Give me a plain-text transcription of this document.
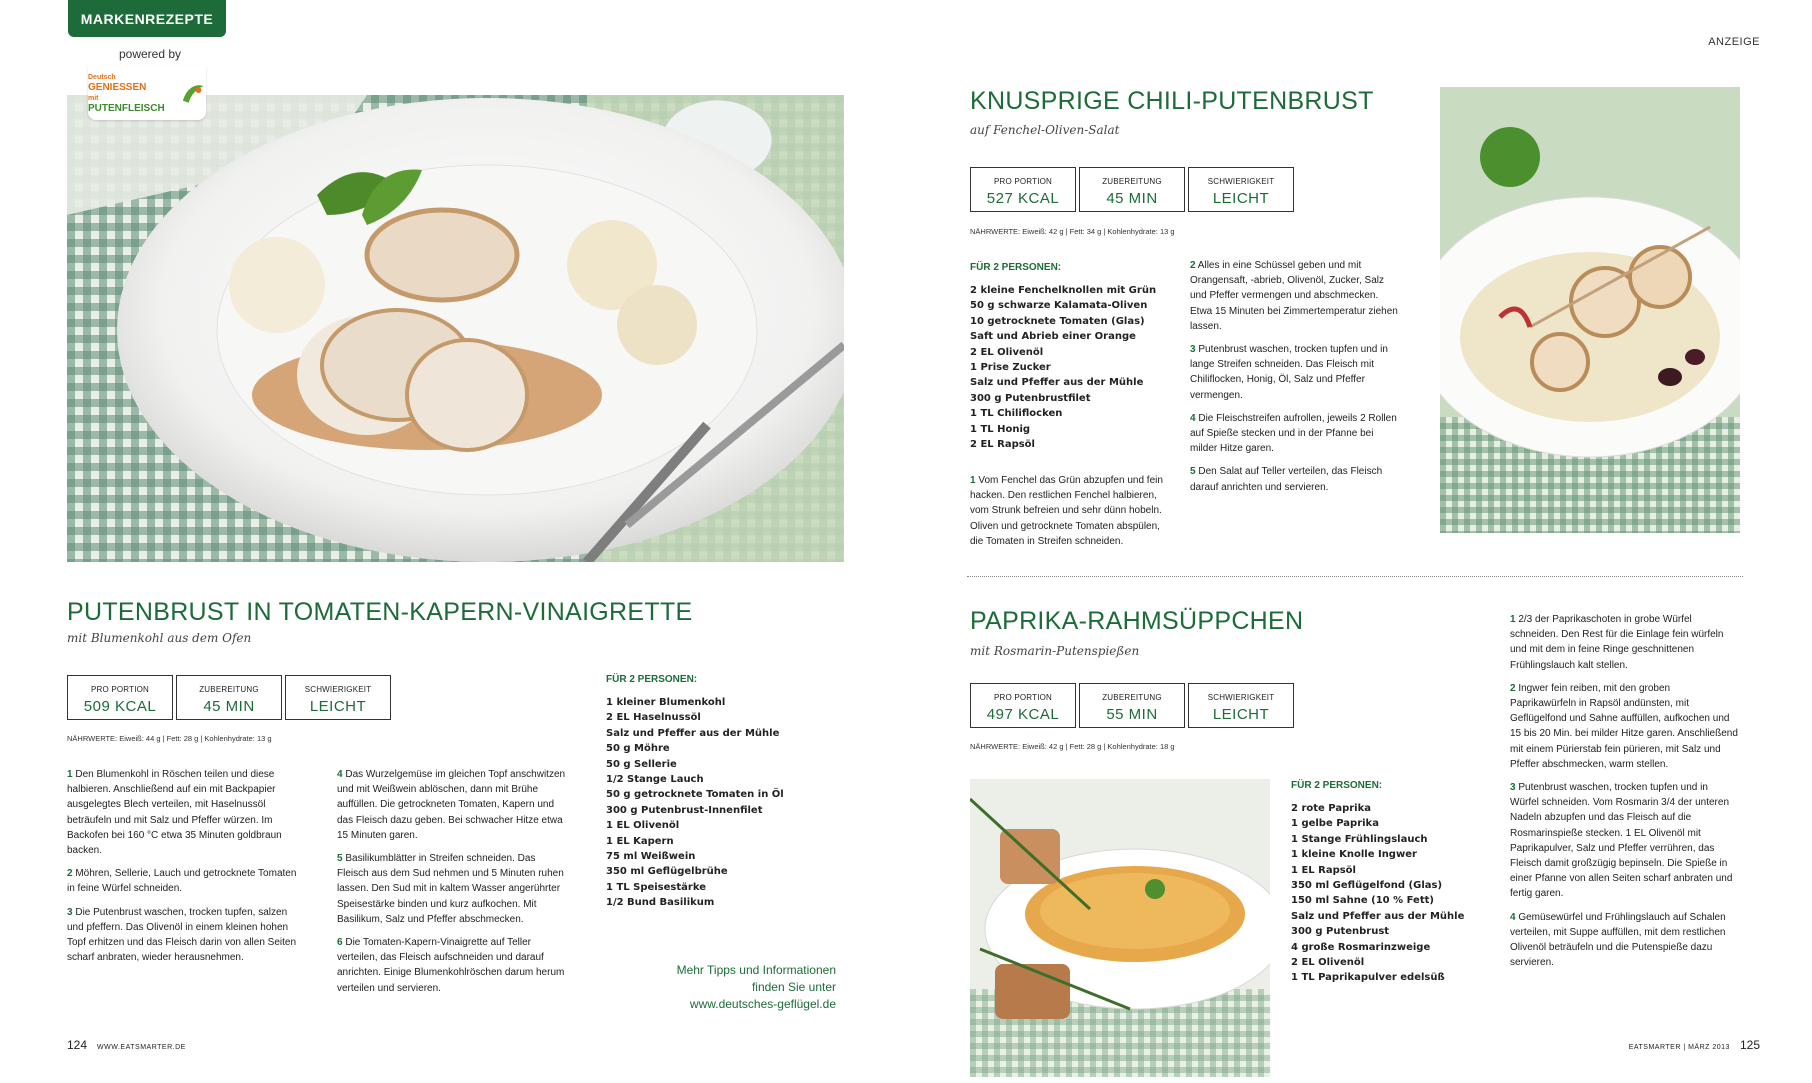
MARKENREZEPTE
powered by
Deutsch
GENIESSEN
mit PUTENFLEISCH
ANZEIGE
PUTENBRUST IN TOMATEN-KAPERN-VINAIGRETTE
mit Blumenkohl aus dem Ofen
PRO PORTION
509 KCAL
ZUBEREITUNG
45 MIN
SCHWIERIGKEIT
LEICHT
NÄHRWERTE: Eiweiß: 44 g | Fett: 28 g | Kohlenhydrate: 13 g
FÜR 2 PERSONEN:
1 kleiner Blumenkohl
2 EL Haselnussöl
Salz und Pfeffer aus der Mühle
50 g Möhre
50 g Sellerie
1/2 Stange Lauch
50 g getrocknete Tomaten in Öl
300 g Putenbrust-Innenfilet
1 EL Olivenöl
1 EL Kapern
75 ml Weißwein
350 ml Geflügelbrühe
1 TL Speisestärke
1/2 Bund Basilikum

1 Den Blumenkohl in Röschen teilen und diese halbieren. Anschließend auf ein mit Backpapier ausgelegtes Blech verteilen, mit Haselnussöl beträufeln und mit Salz und Pfeffer würzen. Im Backofen bei 160 °C etwa 35 Minuten goldbraun backen.

2 Möhren, Sellerie, Lauch und getrocknete Tomaten in feine Würfel schneiden.

3 Die Putenbrust waschen, trocken tupfen, salzen und pfeffern. Das Olivenöl in einem kleinen hohen Topf erhitzen und das Fleisch darin von allen Seiten scharf anbraten, wieder herausnehmen.

4 Das Wurzelgemüse im gleichen Topf anschwitzen und mit Weißwein ablöschen, dann mit Brühe auffüllen. Die getrockneten Tomaten, Kapern und das Fleisch dazu geben. Bei schwacher Hitze etwa 15 Minuten garen.

5 Basilikumblätter in Streifen schneiden. Das Fleisch aus dem Sud nehmen und 5 Minuten ruhen lassen. Den Sud mit in kaltem Wasser angerührter Speisestärke binden und kurz aufkochen. Mit Basilikum, Salz und Pfeffer abschmecken.

6 Die Tomaten-Kapern-Vinaigrette auf Teller verteilen, das Fleisch aufschneiden und darauf anrichten. Einige Blumenkohlröschen darum herum verteilen und servieren.

Mehr Tipps und Informationen
finden Sie unter
www.deutsches-geflügel.de
KNUSPRIGE CHILI-PUTENBRUST
auf Fenchel-Oliven-Salat
PRO PORTION
527 KCAL
ZUBEREITUNG
45 MIN
SCHWIERIGKEIT
LEICHT
NÄHRWERTE: Eiweiß: 42 g | Fett: 34 g | Kohlenhydrate: 13 g
FÜR 2 PERSONEN:
2 kleine Fenchelknollen mit Grün
50 g schwarze Kalamata-Oliven
10 getrocknete Tomaten (Glas)
Saft und Abrieb einer Orange
2 EL Olivenöl
1 Prise Zucker
Salz und Pfeffer aus der Mühle
300 g Putenbrustfilet
1 TL Chiliflocken
1 TL Honig
2 EL Rapsöl

1 Vom Fenchel das Grün abzupfen und fein hacken. Den restlichen Fenchel halbieren, vom Strunk befreien und sehr dünn hobeln. Oliven und getrocknete Tomaten abspülen, die Tomaten in Streifen schneiden.

2 Alles in eine Schüssel geben und mit Orangensaft, -abrieb, Olivenöl, Zucker, Salz und Pfeffer vermengen und abschmecken. Etwa 15 Minuten bei Zimmertemperatur ziehen lassen.

3 Putenbrust waschen, trocken tupfen und in lange Streifen schneiden. Das Fleisch mit Chiliflocken, Honig, Öl, Salz und Pfeffer vermengen.

4 Die Fleischstreifen aufrollen, jeweils 2 Rollen auf Spieße stecken und in der Pfanne bei milder Hitze garen.

5 Den Salat auf Teller verteilen, das Fleisch darauf anrichten und servieren.

PAPRIKA-RAHMSÜPPCHEN
mit Rosmarin-Putenspießen
PRO PORTION
497 KCAL
ZUBEREITUNG
55 MIN
SCHWIERIGKEIT
LEICHT
NÄHRWERTE: Eiweiß: 42 g | Fett: 28 g | Kohlenhydrate: 18 g
FÜR 2 PERSONEN:
2 rote Paprika
1 gelbe Paprika
1 Stange Frühlingslauch
1 kleine Knolle Ingwer
1 EL Rapsöl
350 ml Geflügelfond (Glas)
150 ml Sahne (10 % Fett)
Salz und Pfeffer aus der Mühle
300 g Putenbrust
4 große Rosmarinzweige
2 EL Olivenöl
1 TL Paprikapulver edelsüß

1 2/3 der Paprikaschoten in grobe Würfel schneiden. Den Rest für die Einlage fein würfeln und mit dem in feine Ringe geschnittenen Frühlingslauch kalt stellen.

2 Ingwer fein reiben, mit den groben Paprikawürfeln in Rapsöl andünsten, mit Geflügelfond und Sahne auffüllen, aufkochen und 15 bis 20 Min. bei milder Hitze garen. Anschließend mit einem Pürierstab fein pürieren, mit Salz und Pfeffer abschmecken, warm stellen.

3 Putenbrust waschen, trocken tupfen und in Würfel schneiden. Vom Rosmarin 3/4 der unteren Nadeln abzupfen und das Fleisch auf die Rosmarinspieße stecken. 1 EL Olivenöl mit Paprikapulver, Salz und Pfeffer verrühren, das Fleisch damit großzügig bepinseln. Die Spieße in einer Pfanne von allen Seiten scharf anbraten und fertig garen.

4 Gemüsewürfel und Frühlingslauch auf Schalen verteilen, mit Suppe auffüllen, mit dem restlichen Olivenöl beträufeln und die Putenspieße dazu servieren.

124 WWW.EATSMARTER.DE	EATSMARTER | MÄRZ 2013 125
